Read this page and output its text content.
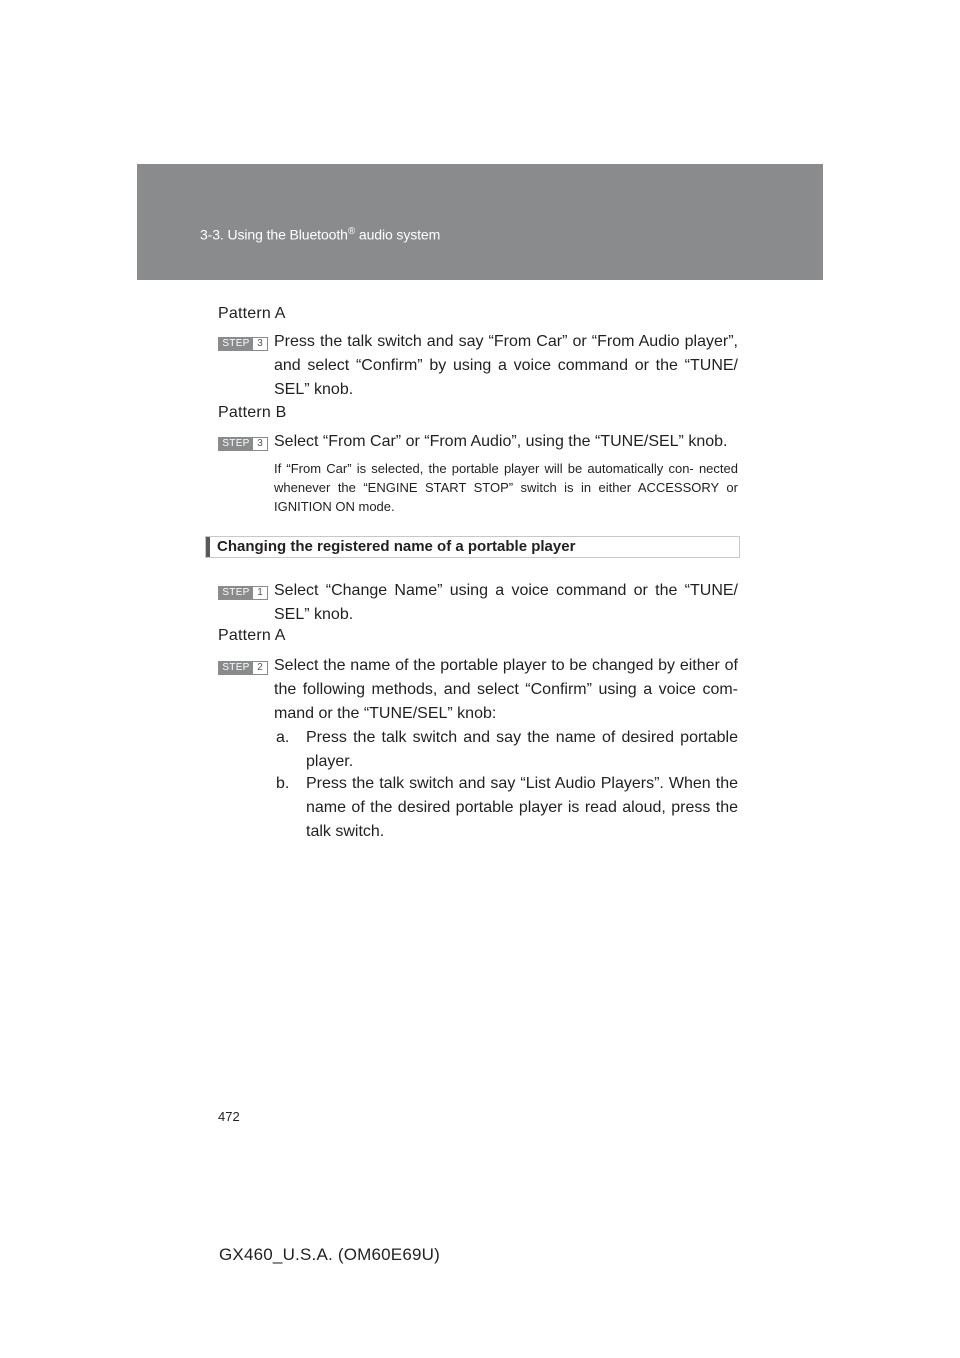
3-3. Using the Bluetooth® audio system
Pattern A
STEP 3 Press the talk switch and say “From Car” or “From Audio player”, and select “Confirm” by using a voice command or the “TUNE/ SEL” knob.
Pattern B
STEP 3 Select “From Car” or “From Audio”, using the “TUNE/SEL” knob.
If “From Car” is selected, the portable player will be automatically con- nected whenever the “ENGINE START STOP” switch is in either ACCESSORY or IGNITION ON mode.
Changing the registered name of a portable player
STEP 1 Select “Change Name” using a voice command or the “TUNE/ SEL” knob.
Pattern A
STEP 2 Select the name of the portable player to be changed by either of the following methods, and select “Confirm” using a voice com- mand or the “TUNE/SEL” knob:
a.	Press the talk switch and say the name of desired portable player.
b.	Press the talk switch and say “List Audio Players”. When the name of the desired portable player is read aloud, press the talk switch.
472
GX460_U.S.A. (OM60E69U)
